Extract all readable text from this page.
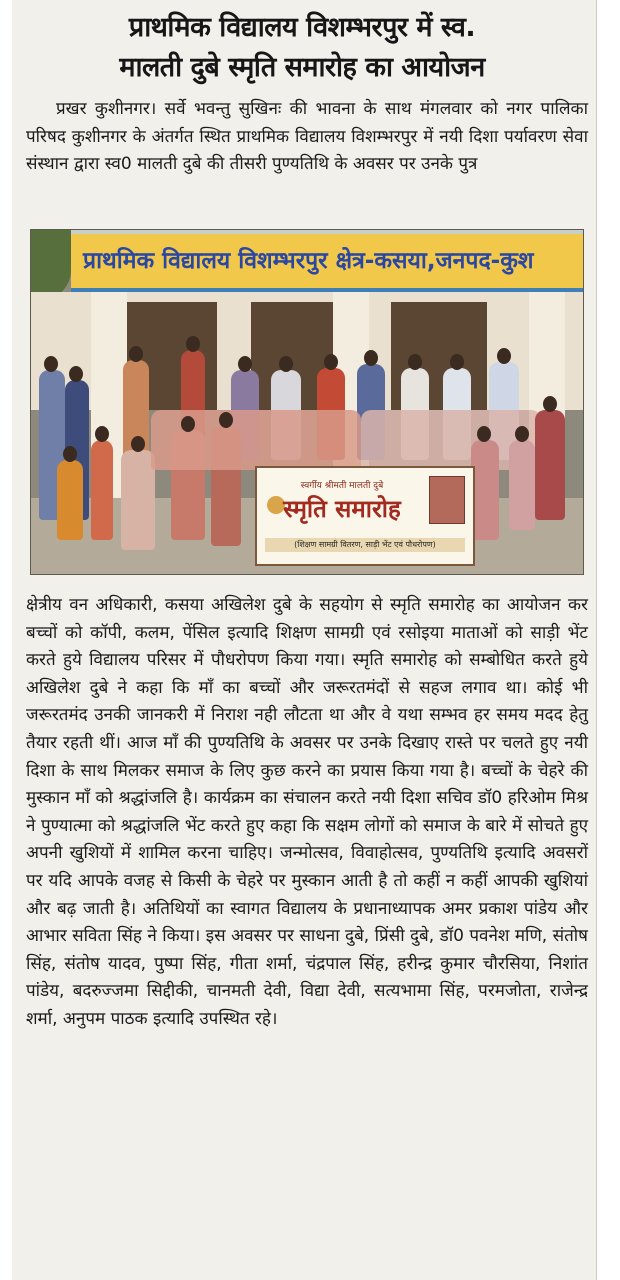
प्राथमिक विद्यालय विशम्भरपुर में स्व.
मालती दुबे स्मृति समारोह का आयोजन

प्रखर कुशीनगर। सर्वे भवन्तु सुखिनः की भावना के साथ मंगलवार को नगर पालिका परिषद कुशीनगर के अंतर्गत स्थित प्राथमिक विद्यालय विशम्भरपुर में नयी दिशा पर्यावरण सेवा संस्थान द्वारा स्व0 मालती दुबे की तीसरी पुण्यतिथि के अवसर पर उनके पुत्र

प्राथमिक विद्यालय विशम्भरपुर क्षेत्र-कसया,जनपद-कुश
स्वर्गीय श्रीमती मालती दुबे
स्मृति समारोह
(शिक्षण सामग्री वितरण, साड़ी भेंट एवं पौधरोपण)

क्षेत्रीय वन अधिकारी, कसया अखिलेश दुबे के सहयोग से स्मृति समारोह का आयोजन कर बच्चों को कॉपी, कलम, पेंसिल इत्यादि शिक्षण सामग्री एवं रसोइया माताओं को साड़ी भेंट करते हुये विद्यालय परिसर में पौधरोपण किया गया। स्मृति समारोह को सम्बोधित करते हुये अखिलेश दुबे ने कहा कि माँ का बच्चों और जरूरतमंदों से सहज लगाव था। कोई भी जरूरतमंद उनकी जानकरी में निराश नही लौटता था और वे यथा सम्भव हर समय मदद हेतु तैयार रहती थीं। आज माँ की पुण्यतिथि के अवसर पर उनके दिखाए रास्ते पर चलते हुए नयी दिशा के साथ मिलकर समाज के लिए कुछ करने का प्रयास किया गया है। बच्चों के चेहरे की मुस्कान माँ को श्रद्धांजलि है। कार्यक्रम का संचालन करते नयी दिशा सचिव डॉ0 हरिओम मिश्र ने पुण्यात्मा को श्रद्धांजलि भेंट करते हुए कहा कि सक्षम लोगों को समाज के बारे में सोचते हुए अपनी खुशियों में शामिल करना चाहिए। जन्मोत्सव, विवाहोत्सव, पुण्यतिथि इत्यादि अवसरों पर यदि आपके वजह से किसी के चेहरे पर मुस्कान आती है तो कहीं न कहीं आपकी खुशियां और बढ़ जाती है। अतिथियों का स्वागत विद्यालय के प्रधानाध्यापक अमर प्रकाश पांडेय और आभार सविता सिंह ने किया। इस अवसर पर साधना दुबे, प्रिंसी दुबे, डॉ0 पवनेश मणि, संतोष सिंह, संतोष यादव, पुष्पा सिंह, गीता शर्मा, चंद्रपाल सिंह, हरीन्द्र कुमार चौरसिया, निशांत पांडेय, बदरुज्जमा सिद्दीकी, चानमती देवी, विद्या देवी, सत्यभामा सिंह, परमजोता, राजेन्द्र शर्मा, अनुपम पाठक इत्यादि उपस्थित रहे।
